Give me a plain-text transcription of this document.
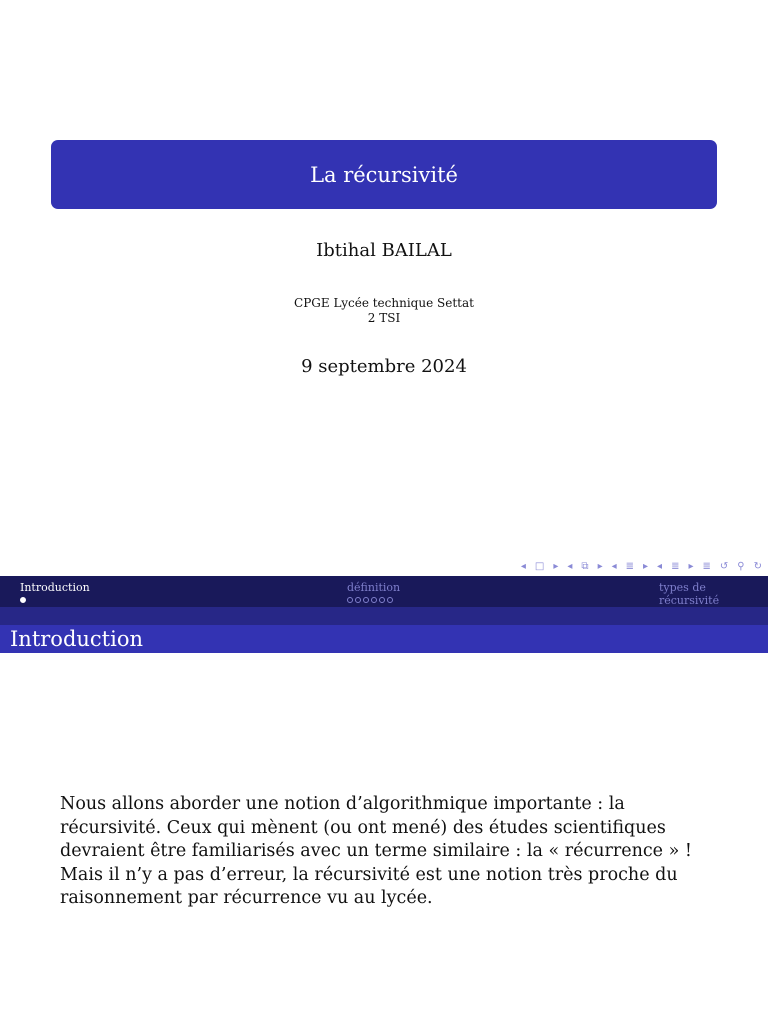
La récursivité
Ibtihal BAILAL
CPGE Lycée technique Settat
2 TSI
9 septembre 2024
◂ □ ▸ ◂ ⧉ ▸ ◂ ≣ ▸ ◂ ≣ ▸ ≣ ↺ ⚲ ↻
Introduction	définition	types de récursivité
Introduction
Nous allons aborder une notion d’algorithmique importante : la récursivité. Ceux qui mènent (ou ont mené) des études scientifiques devraient être familiarisés avec un terme similaire : la « récurrence » ! Mais il n’y a pas d’erreur, la récursivité est une notion très proche du raisonnement par récurrence vu au lycée.
